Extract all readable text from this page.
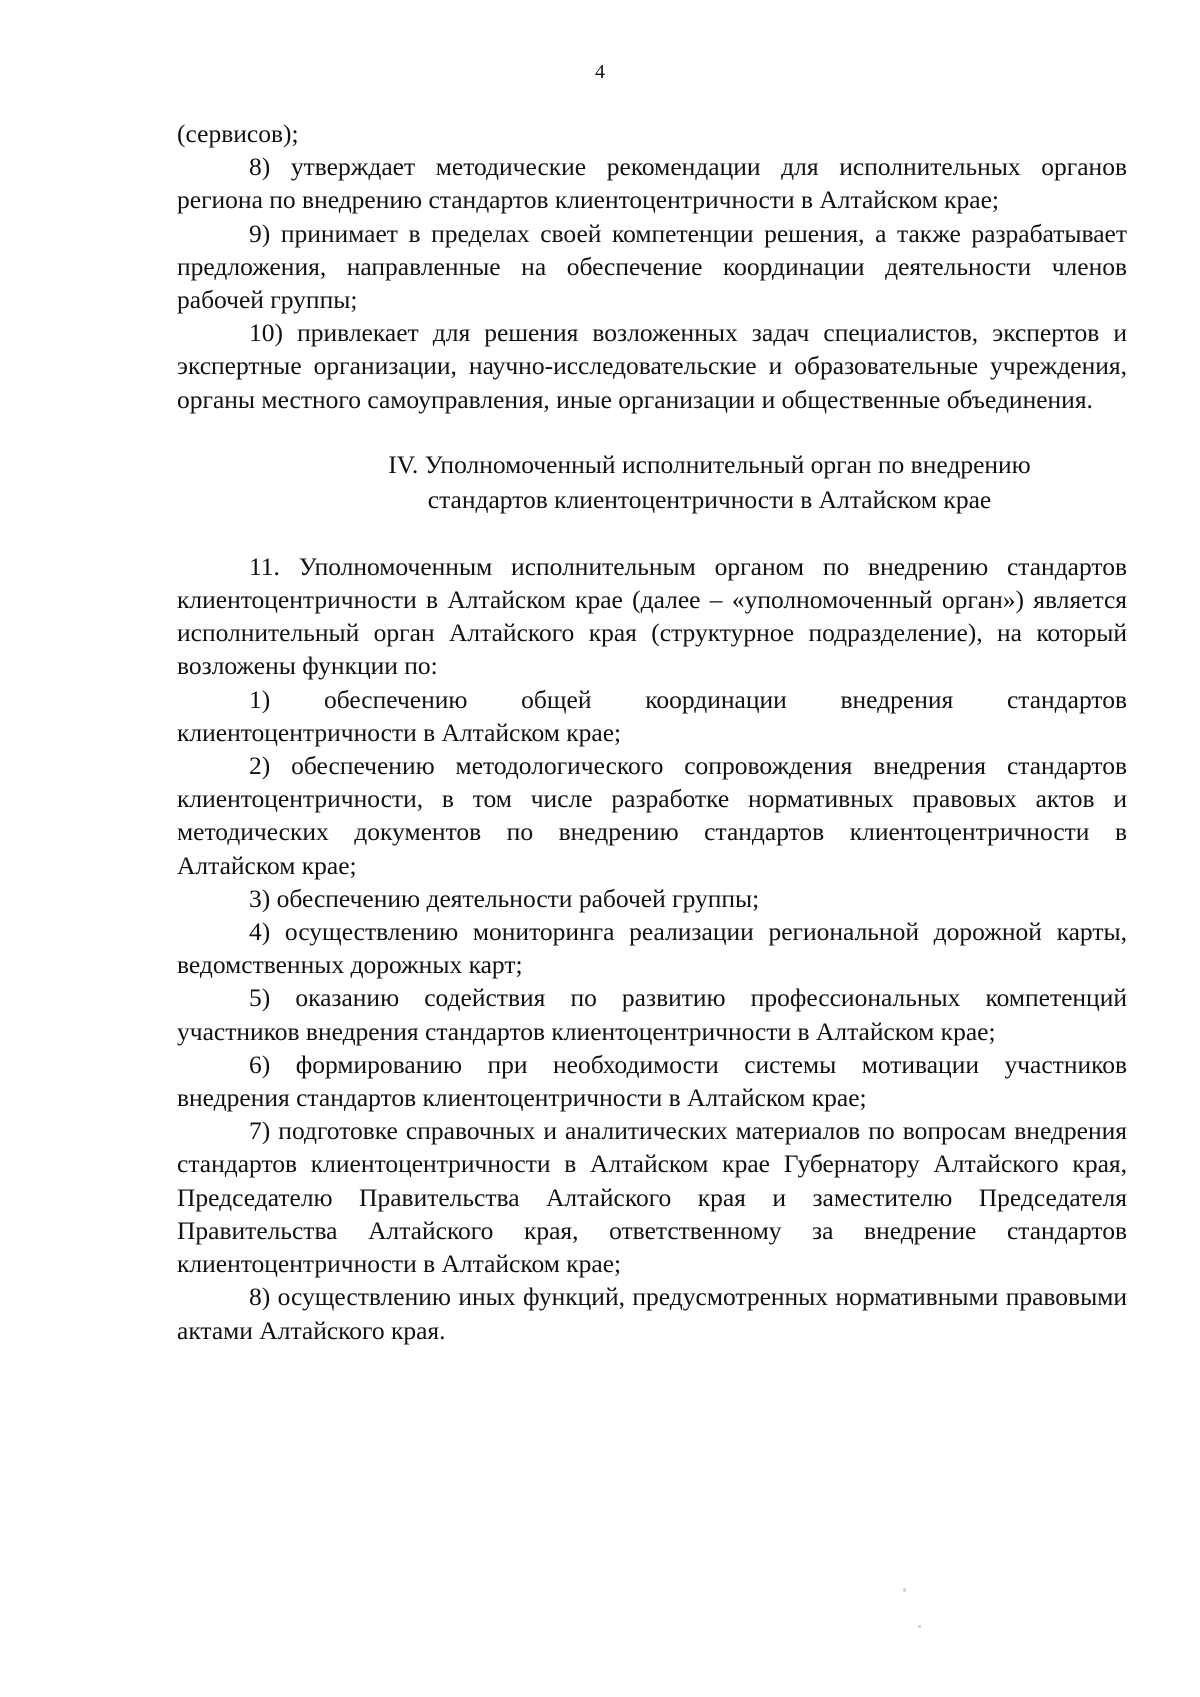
4

(сервисов);

8) утверждает методические рекомендации для исполнительных органов региона по внедрению стандартов клиентоцентричности в Алтайском крае;

9) принимает в пределах своей компетенции решения, а также разрабатывает предложения, направленные на обеспечение координации деятельности членов рабочей группы;

10) привлекает для решения возложенных задач специалистов, экспертов и экспертные организации, научно-исследовательские и образовательные учреждения, органы местного самоуправления, иные организации и общественные объединения.

IV. Уполномоченный исполнительный орган по внедрению
стандартов клиентоцентричности в Алтайском крае

11. Уполномоченным исполнительным органом по внедрению стандартов клиентоцентричности в Алтайском крае (далее – «уполномоченный орган») является исполнительный орган Алтайского края (структурное подразделение), на который возложены функции по:

1) обеспечению общей координации внедрения стандартов клиентоцентричности в Алтайском крае;

2) обеспечению методологического сопровождения внедрения стандартов клиентоцентричности, в том числе разработке нормативных правовых актов и методических документов по внедрению стандартов клиентоцентричности в Алтайском крае;

3) обеспечению деятельности рабочей группы;

4) осуществлению мониторинга реализации региональной дорожной карты, ведомственных дорожных карт;

5) оказанию содействия по развитию профессиональных компетенций участников внедрения стандартов клиентоцентричности в Алтайском крае;

6) формированию при необходимости системы мотивации участников внедрения стандартов клиентоцентричности в Алтайском крае;

7) подготовке справочных и аналитических материалов по вопросам внедрения стандартов клиентоцентричности в Алтайском крае Губернатору Алтайского края, Председателю Правительства Алтайского края и заместителю Председателя Правительства Алтайского края, ответственному за внедрение стандартов клиентоцентричности в Алтайском крае;

8) осуществлению иных функций, предусмотренных нормативными правовыми актами Алтайского края.
